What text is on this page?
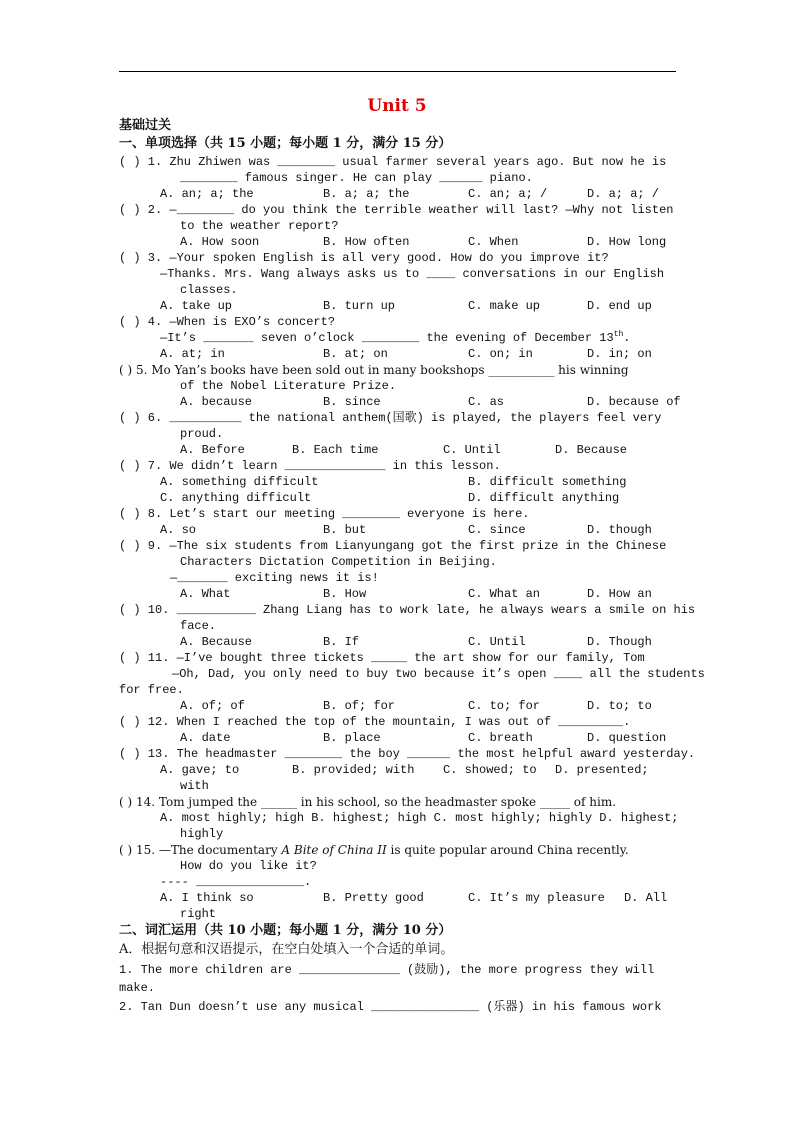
Unit 5
基础过关
一、单项选择（共 15 小题；每小题 1 分，满分 15 分）
( ) 1. Zhu Zhiwen was ________ usual farmer several years ago. But now he is
________ famous singer. He can play ______ piano.
A. an; a; the	B. a; a; the	C. an; a; /	D. a; a; /
( ) 2. —________ do you think the terrible weather will last? —Why not listen
to the weather report?
A. How soon	B. How often	C. When	D. How long
( ) 3. —Your spoken English is all very good. How do you improve it?
—Thanks. Mrs. Wang always asks us to ____ conversations in our English
classes.
A. take up	B. turn up	C. make up	D. end up
( ) 4. —When is EXO’s concert?
—It’s _______ seven o’clock ________ the evening of December 13th.
A. at; in	B. at; on	C. on; in	D. in; on
( ) 5. Mo Yan’s books have been sold out in many bookshops ___________ his winning
of the Nobel Literature Prize.
A. because	B. since	C. as	D. because of
( ) 6. __________ the national anthem(国歌) is played, the players feel very
proud.
A. Before	B. Each time	C. Until	D. Because
( ) 7. We didn’t learn ______________ in this lesson.
A. something difficult	B. difficult something
C. anything difficult	D. difficult anything
( ) 8. Let’s start our meeting ________ everyone is here.
A. so	B. but	C. since	D. though
( ) 9. —The six students from Lianyungang got the first prize in the Chinese
Characters Dictation Competition in Beijing.
—_______ exciting news it is!
A. What	B. How	C. What an	D. How an
( ) 10. ___________ Zhang Liang has to work late, he always wears a smile on his
face.
A. Because	B. If	C. Until	D. Though
( ) 11. —I’ve bought three tickets _____ the art show for our family, Tom
—Oh, Dad, you only need to buy two because it’s open ____ all the students
for free.
A. of; of	B. of; for	C. to; for	D. to; to
( ) 12. When I reached the top of the mountain, I was out of _________.
A. date	B. place	C. breath	D. question
( ) 13. The headmaster ________ the boy ______ the most helpful award yesterday.
A. gave; to	B. provided; with C. showed; to D. presented;
with
( ) 14. Tom jumped the ______ in his school, so the headmaster spoke _____ of him.
A. most highly; high B. highest; high C. most highly; highly D. highest;
highly
( ) 15. —The documentary A Bite of China II is quite popular around China recently.
How do you like it?
---- _______________.
A. I think so	B. Pretty good	C. It’s my pleasure D. All
right
二、词汇运用（共 10 小题；每小题 1 分，满分 10 分）
A．根据句意和汉语提示，在空白处填入一个合适的单词。
1. The more children are ______________ (鼓励), the more progress they will
make.
2. Tan Dun doesn’t use any musical _______________ (乐器) in his famous work
